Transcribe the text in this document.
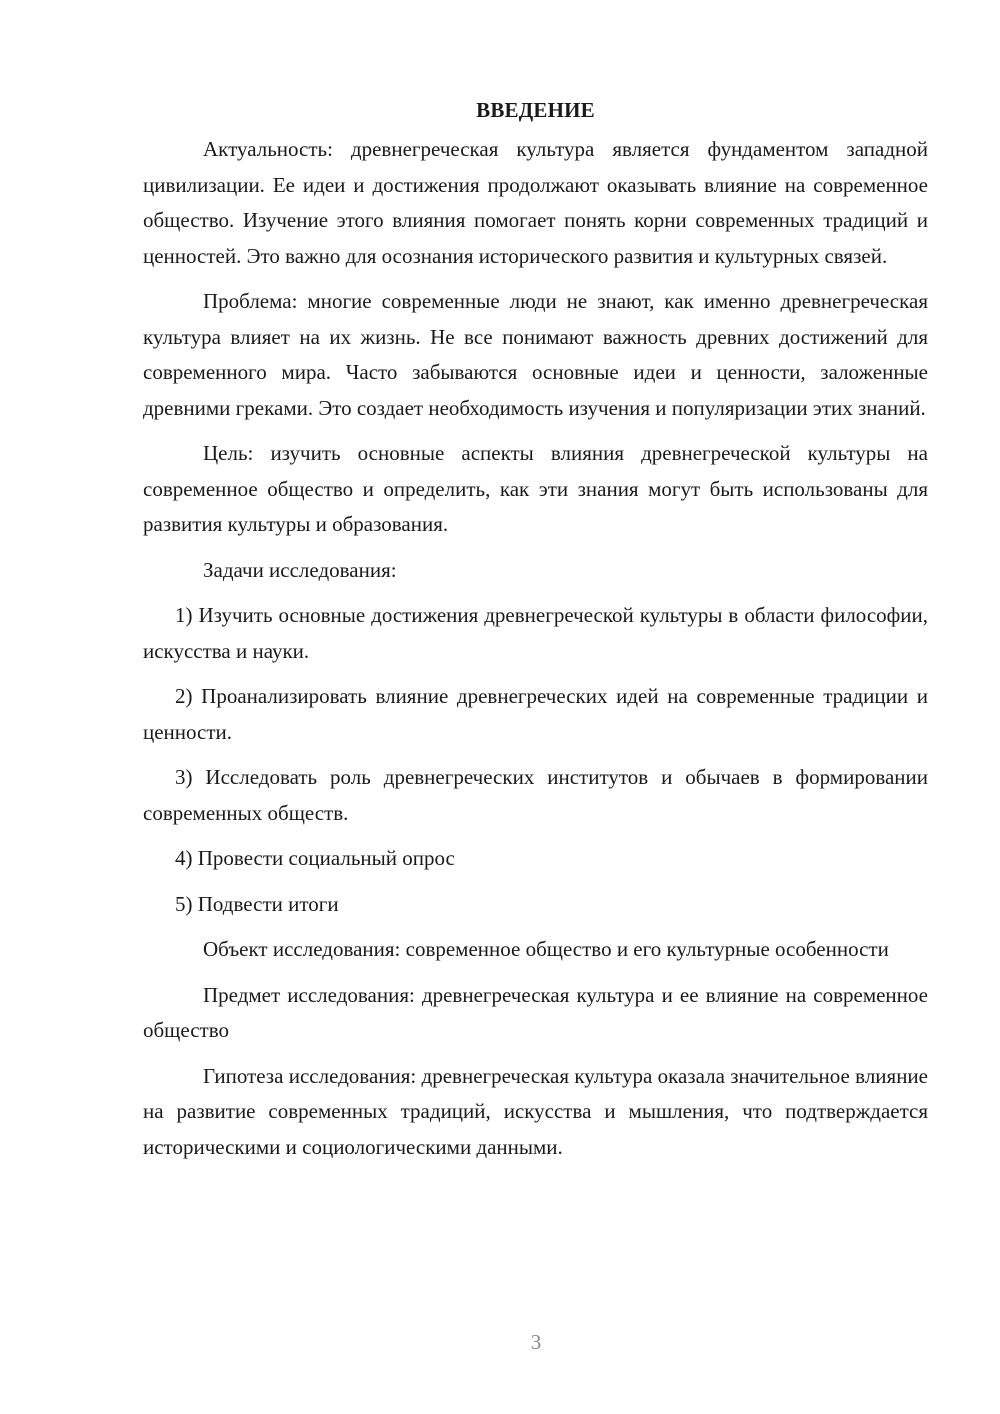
ВВЕДЕНИЕ

Актуальность: древнегреческая культура является фундаментом западной цивилизации. Ее идеи и достижения продолжают оказывать влияние на современное общество. Изучение этого влияния помогает понять корни современных традиций и ценностей. Это важно для осознания исторического развития и культурных связей.

Проблема: многие современные люди не знают, как именно древнегреческая культура влияет на их жизнь. Не все понимают важность древних достижений для современного мира. Часто забываются основные идеи и ценности, заложенные древними греками. Это создает необходимость изучения и популяризации этих знаний.

Цель: изучить основные аспекты влияния древнегреческой культуры на современное общество и определить, как эти знания могут быть использованы для развития культуры и образования.

Задачи исследования:

1) Изучить основные достижения древнегреческой культуры в области философии, искусства и науки.

2) Проанализировать влияние древнегреческих идей на современные традиции и ценности.

3) Исследовать роль древнегреческих институтов и обычаев в формировании современных обществ.

4) Провести социальный опрос

5) Подвести итоги

Объект исследования: современное общество и его культурные особенности

Предмет исследования: древнегреческая культура и ее влияние на современное общество

Гипотеза исследования: древнегреческая культура оказала значительное влияние на развитие современных традиций, искусства и мышления, что подтверждается историческими и социологическими данными.

3
